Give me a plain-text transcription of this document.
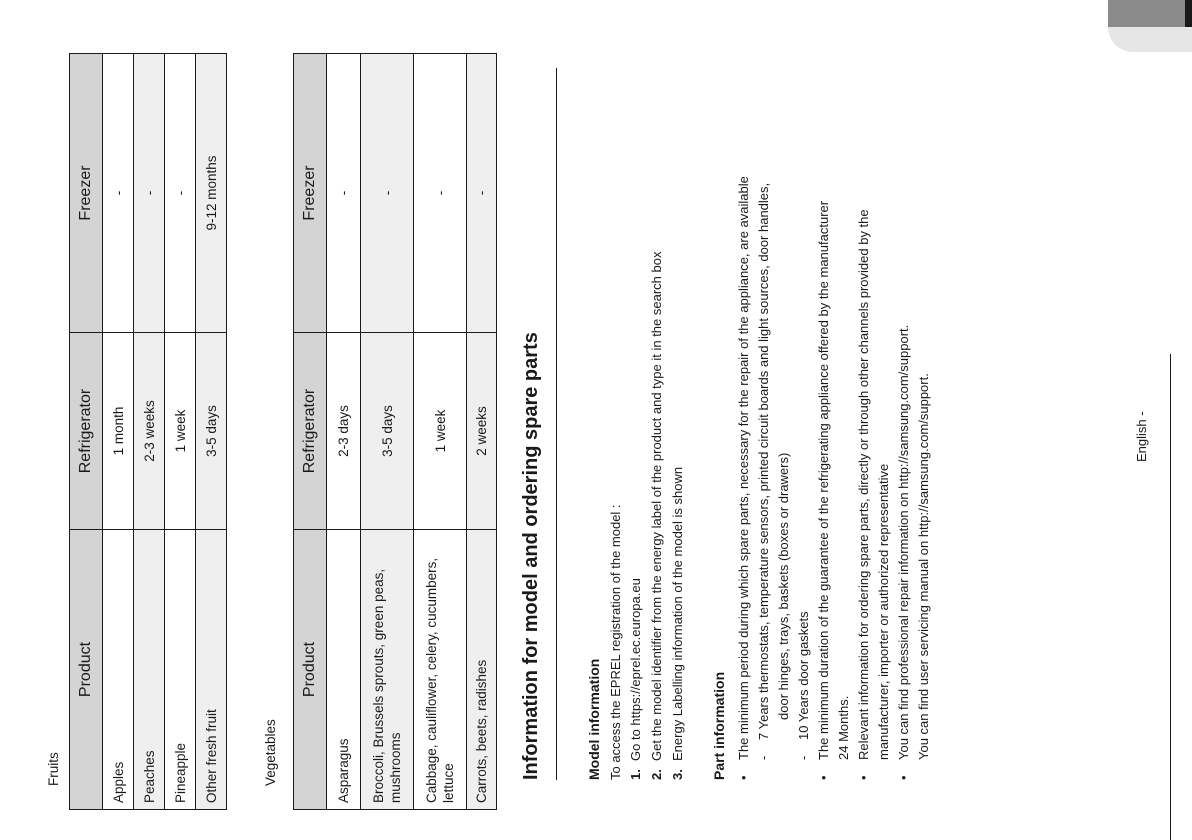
Fruits
Product	Refrigerator	Freezer
Apples	1 month	-
Peaches	2-3 weeks	-
Pineapple	1 week	-
Other fresh fruit	3-5 days	9-12 months
Vegetables
Product	Refrigerator	Freezer
Asparagus	2-3 days	-
Broccoli, Brussels sprouts, green peas, mushrooms	3-5 days	-
Cabbage, cauliflower, celery, cucumbers, lettuce	1 week	-
Carrots, beets, radishes	2 weeks	-
Information for model and ordering spare parts	Model information To access the EPREL registration of the model : 1.Go to https://eprel.ec.europa.eu
2.Get the model identifier from the energy label of the product and type it in the search box
3.Energy Labelling information of the model is shown Part information •
The minimum period during which spare parts, necessary for the repair of the appliance, are available -
7 Years thermostats, temperature sensors, printed circuit boards and light sources, door handles, door hinges, trays, baskets (boxes or drawers)
-
10 Years door gaskets
•
The minimum duration of the guarantee of the refrigerating appliance offered by the manufacturer 24 Months.
•
Relevant information for ordering spare parts, directly or through other channels provided by the manufacturer, importer or authorized representative
•
You can find professional repair information on http://samsung.com/support. You can find user servicing manual on http://samsung.com/support.	English -
